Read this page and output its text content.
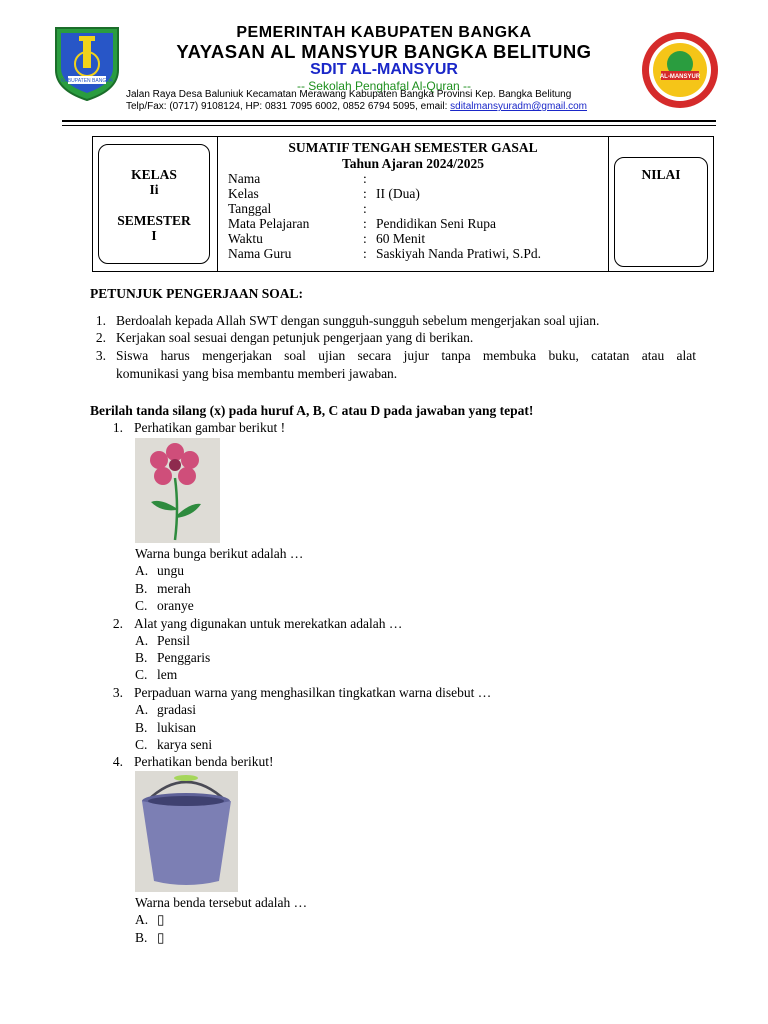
KABUPATEN BANGKA
AL-MANSYUR
PEMERINTAH KABUPATEN BANGKA
YAYASAN AL MANSYUR BANGKA BELITUNG
SDIT AL-MANSYUR
-- Sekolah Penghafal Al-Quran --
Jalan Raya Desa Baluniuk Kecamatan Merawang Kabupaten Bangka Provinsi Kep. Bangka Belitung
Telp/Fax: (0717) 9108124, HP: 0831 7095 6002, 0852 6794 5095, email: sditalmansyuradm@gmail.com
KELAS
Ii
SEMESTER
I
NILAI
SUMATIF TENGAH SEMESTER GASAL
Tahun Ajaran 2024/2025
Nama	:
Kelas	: II (Dua)
Tanggal	:
Mata Pelajaran	: Pendidikan Seni Rupa
Waktu	: 60 Menit
Nama Guru	: Saskiyah Nanda Pratiwi, S.Pd.
PETUNJUK PENGERJAAN SOAL:
1. Berdoalah kepada Allah SWT dengan sungguh-sungguh sebelum mengerjakan soal ujian.
2. Kerjakan soal sesuai dengan petunjuk pengerjaan yang di berikan.
3. Siswa harus mengerjakan soal ujian secara jujur tanpa membuka buku, catatan atau alat
komunikasi yang bisa membantu memberi jawaban.
Berilah tanda silang (x) pada huruf A, B, C atau D pada jawaban yang tepat!
1. Perhatikan gambar berikut !
Warna bunga berikut adalah …
A. ungu
B. merah
C. oranye
2. Alat yang digunakan untuk merekatkan adalah …
A. Pensil
B. Penggaris
C. lem
3. Perpaduan warna yang menghasilkan tingkatkan warna disebut …
A. gradasi
B. lukisan
C. karya seni
4. Perhatikan benda berikut!
Warna benda tersebut adalah …
A. ▯
B. ▯
